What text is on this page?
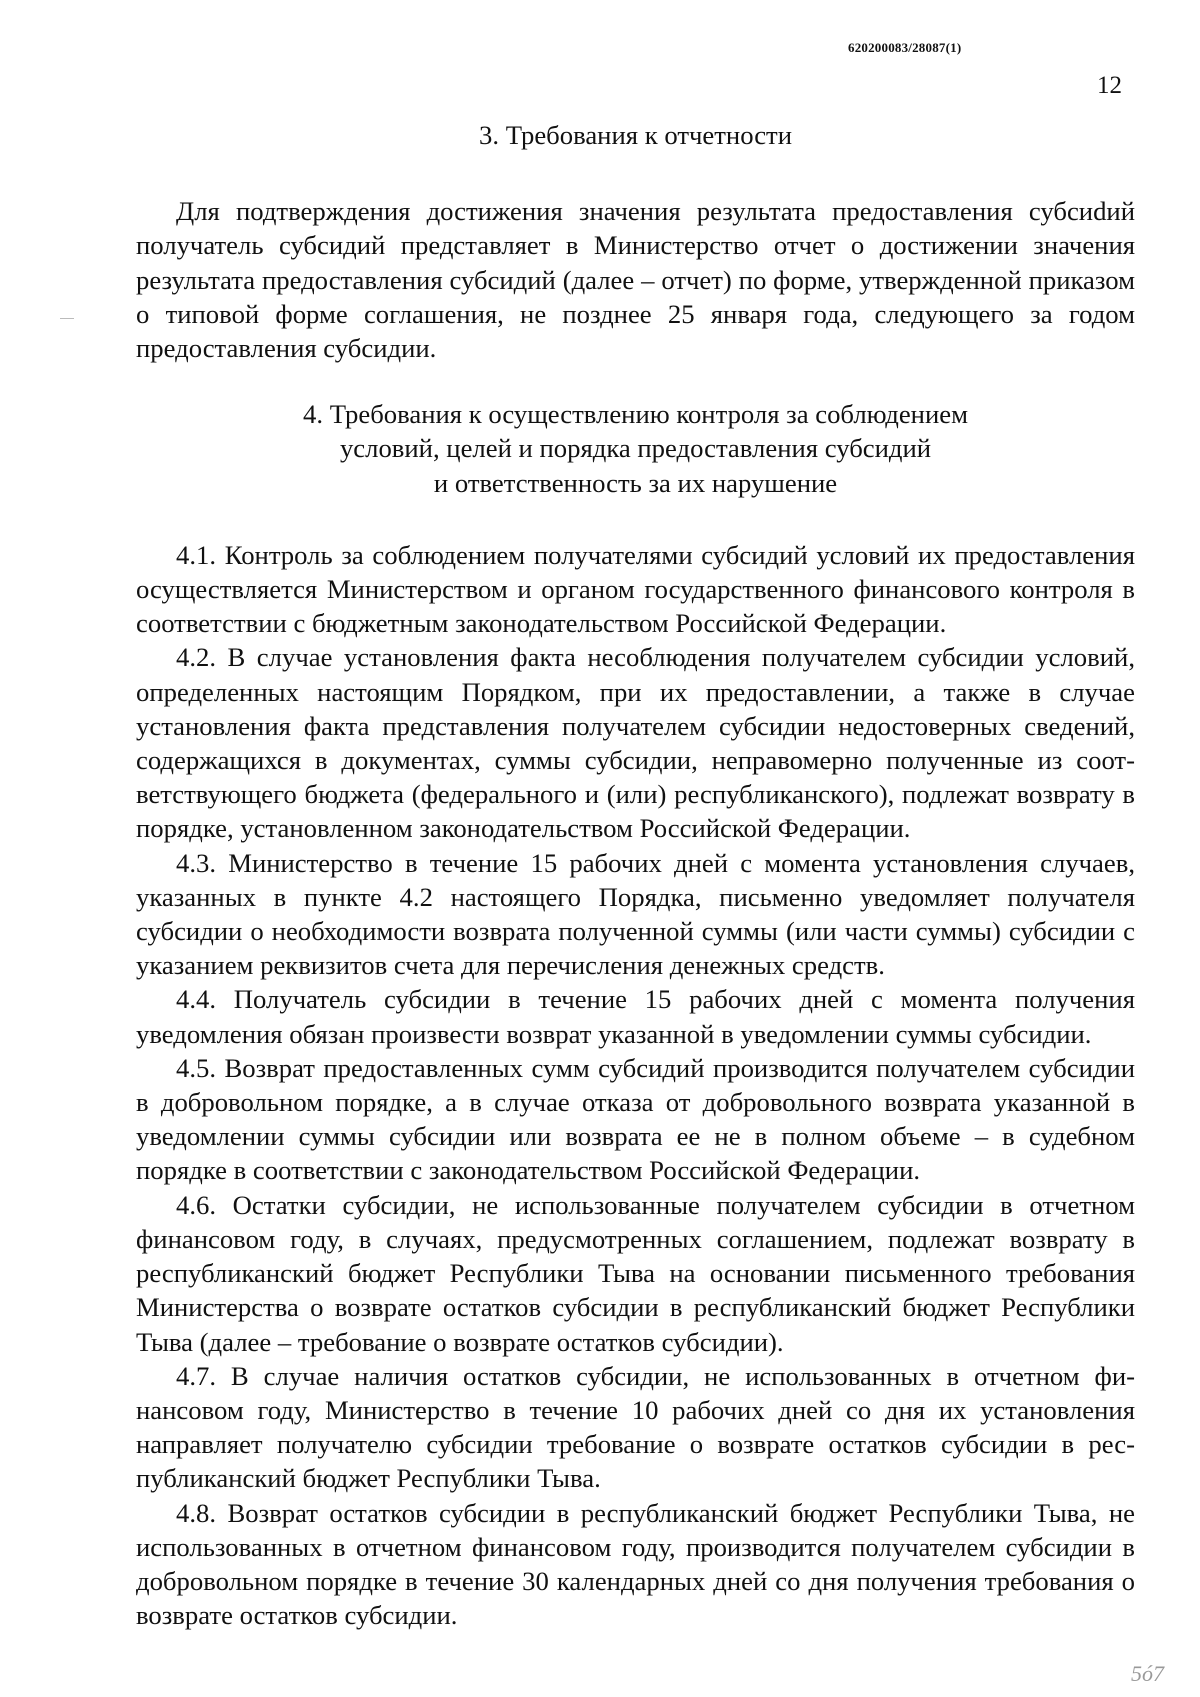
620200083/28087(1)
12
3. Требования к отчетности

Для подтверждения достижения значения результата предоставления субсиdий получатель субсидий представляет в Министерство отчет о достижении значения результата предоставления субсидий (далее – отчет) по форме, утвержденной приказом о типовой форме соглашения, не позднее 25 января года, следующего за годом предоставления субсидии.

4. Требования к осуществлению контроля за соблюдением
условий, целей и порядка предоставления субсидий
и ответственность за их нарушение

4.1. Контроль за соблюдением получателями субсидий условий их предоставления осуществляется Министерством и органом государственного финансового контроля в соответствии с бюджетным законодательством Российской Федерации.

4.2. В случае установления факта несоблюдения получателем субсидии условий, определенных настоящим Порядком, при их предоставлении, а также в случае установления факта представления получателем субсидии недостоверных сведений, содержащихся в документах, суммы субсидии, неправомерно полученные из соответствующего бюджета (федерального и (или) республиканского), подлежат возврату в порядке, установленном законодательством Российской Федерации.

4.3. Министерство в течение 15 рабочих дней с момента установления случаев, указанных в пункте 4.2 настоящего Порядка, письменно уведомляет получателя субсидии о необходимости возврата полученной суммы (или части суммы) субсидии с указанием реквизитов счета для перечисления денежных средств.

4.4. Получатель субсидии в течение 15 рабочих дней с момента получения уведомления обязан произвести возврат указанной в уведомлении суммы субсидии.

4.5. Возврат предоставленных сумм субсидий производится получателем субсидии в добровольном порядке, а в случае отказа от добровольного возврата указанной в уведомлении суммы субсидии или возврата ее не в полном объеме – в судебном порядке в соответствии с законодательством Российской Федерации.

4.6. Остатки субсидии, не использованные получателем субсидии в отчетном финансовом году, в случаях, предусмотренных соглашением, подлежат возврату в республиканский бюджет Республики Тыва на основании письменного требования Министерства о возврате остатков субсидии в республиканский бюджет Республики Тыва (далее – требование о возврате остатков субсидии).

4.7. В случае наличия остатков субсидии, не использованных в отчетном финансовом году, Министерство в течение 10 рабочих дней со дня их установления направляет получателю субсидии требование о возврате остатков субсидии в республиканский бюджет Республики Тыва.

4.8. Возврат остатков субсидии в республиканский бюджет Республики Тыва, не использованных в отчетном финансовом году, производится получателем субсидии в добровольном порядке в течение 30 календарных дней со дня получения требования о возврате остатков субсидии.

5ó7
